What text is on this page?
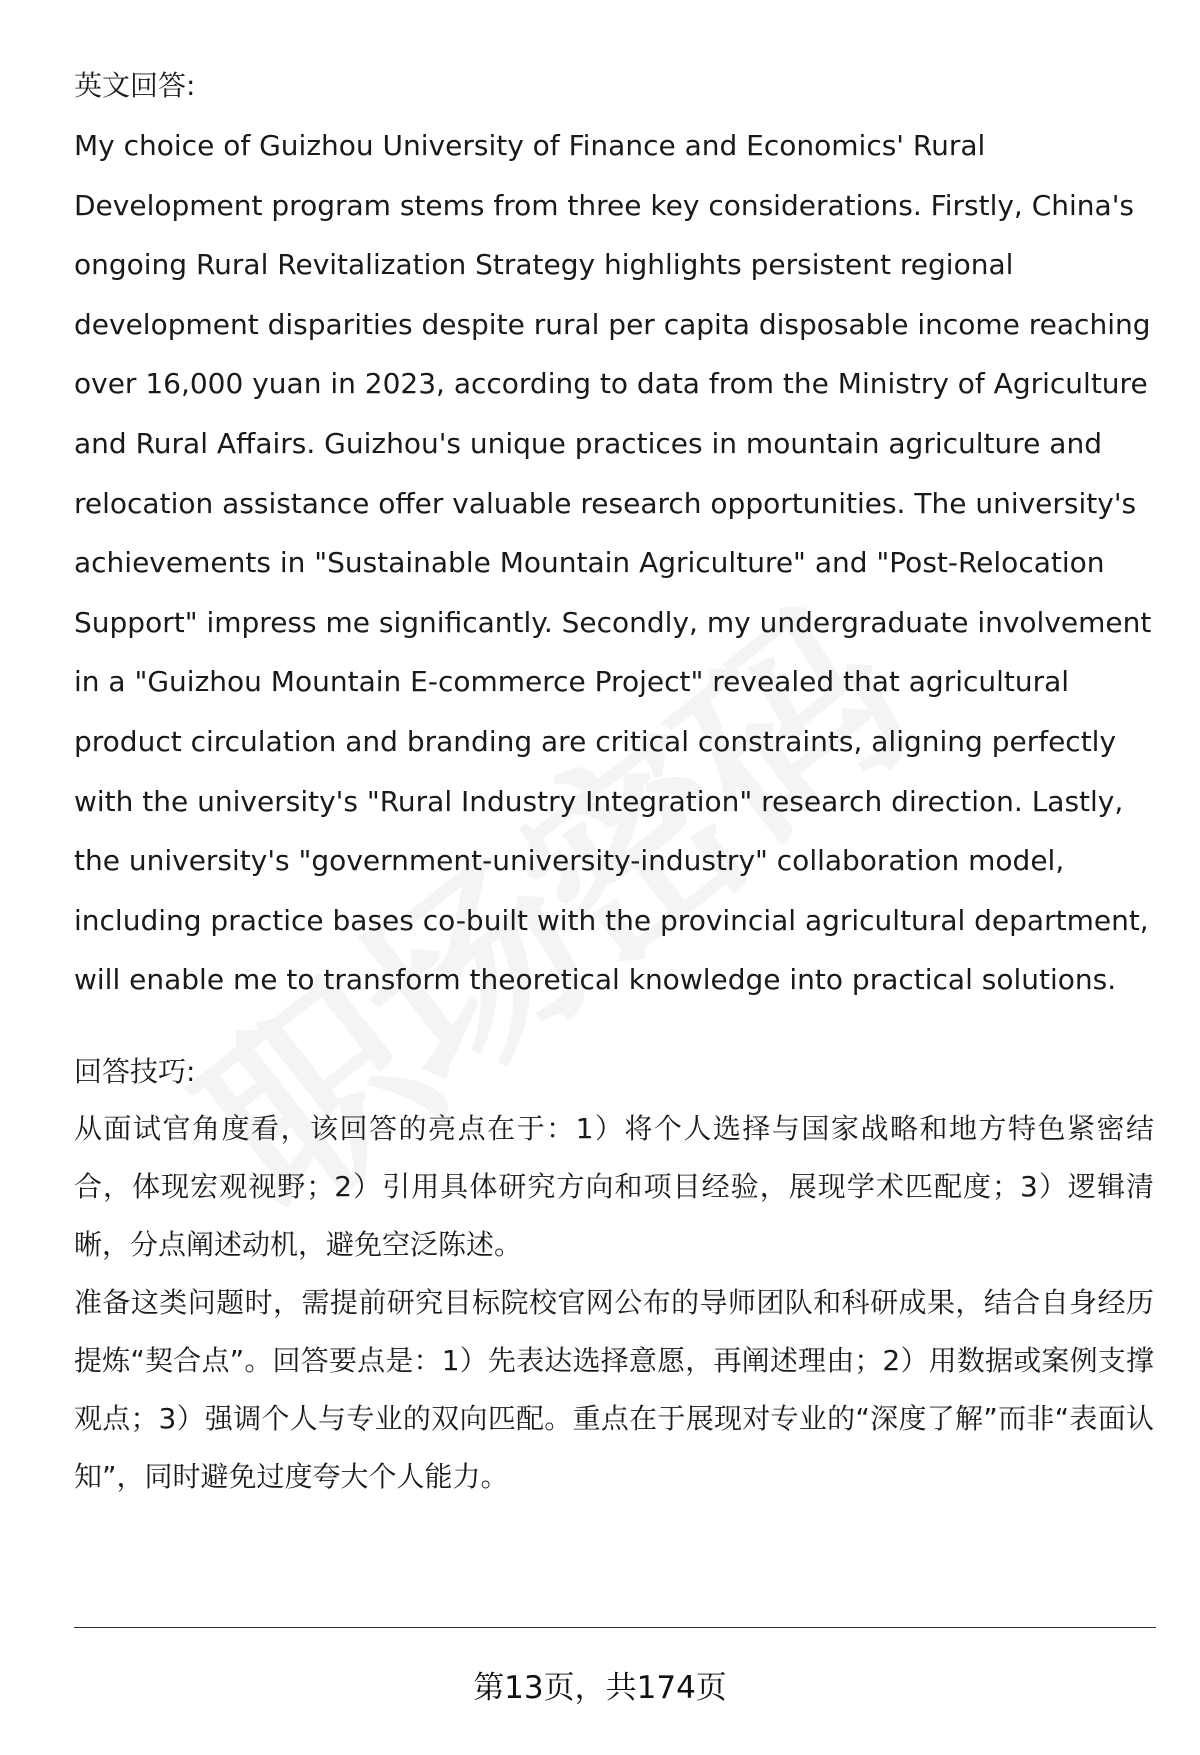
英文回答:

My choice of Guizhou University of Finance and Economics' Rural Development program stems from three key considerations. Firstly, China's ongoing Rural Revitalization Strategy highlights persistent regional development disparities despite rural per capita disposable income reaching over 16,000 yuan in 2023, according to data from the Ministry of Agriculture and Rural Affairs. Guizhou's unique practices in mountain agriculture and relocation assistance offer valuable research opportunities. The university's achievements in "Sustainable Mountain Agriculture" and "Post-Relocation Support" impress me significantly. Secondly, my undergraduate involvement in a "Guizhou Mountain E-commerce Project" revealed that agricultural product circulation and branding are critical constraints, aligning perfectly with the university's "Rural Industry Integration" research direction. Lastly, the university's "government-university-industry" collaboration model, including practice bases co-built with the provincial agricultural department, will enable me to transform theoretical knowledge into practical solutions.

回答技巧:

从面试官角度看，该回答的亮点在于：1）将个人选择与国家战略和地方特色紧密结合，体现宏观视野；2）引用具体研究方向和项目经验，展现学术匹配度；3）逻辑清晰，分点阐述动机，避免空泛陈述。

准备这类问题时，需提前研究目标院校官网公布的导师团队和科研成果，结合自身经历提炼“契合点”。回答要点是：1）先表达选择意愿，再阐述理由；2）用数据或案例支撑观点；3）强调个人与专业的双向匹配。重点在于展现对专业的“深度了解”而非“表面认知”，同时避免过度夸大个人能力。

第13页，共174页
